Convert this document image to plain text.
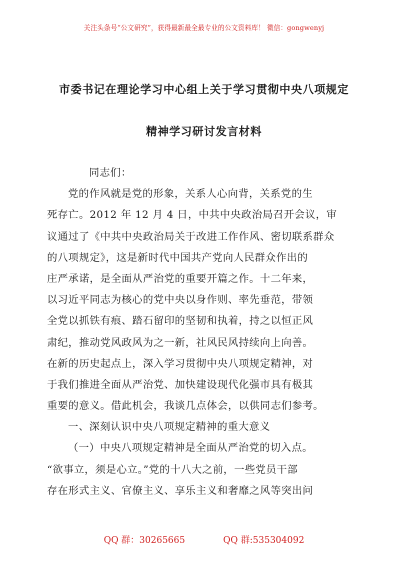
关注头条号“公文研究”，获得最新最全最专业的公文资料库！ 微信：gongwenyj
市委书记在理论学习中心组上关于学习贯彻中央八项规定
精神学习研讨发言材料
同志们：
党的作风就是党的形象，关系人心向背，关系党的生
死存亡。2012 年 12 月 4 日，中共中央政治局召开会议，审
议通过了《中共中央政治局关于改进工作作风、密切联系群众
的八项规定》，这是新时代中国共产党向人民群众作出的
庄严承诺，是全面从严治党的重要开篇之作。十二年来，
以习近平同志为核心的党中央以身作则、率先垂范，带领
全党以抓铁有痕、踏石留印的坚韧和执着，持之以恒正风
肃纪，推动党风政风为之一新，社风民风持续向上向善。
在新的历史起点上，深入学习贯彻中央八项规定精神，对
于我们推进全面从严治党、加快建设现代化强市具有极其
重要的意义。借此机会，我谈几点体会，以供同志们参考。
一、深刻认识中央八项规定精神的重大意义
（一）中央八项规定精神是全面从严治党的切入点。
“欲事立，须是心立。”党的十八大之前，一些党员干部
存在形式主义、官僚主义、享乐主义和奢靡之风等突出问
QQ 群：30265665	QQ 群:535304092
